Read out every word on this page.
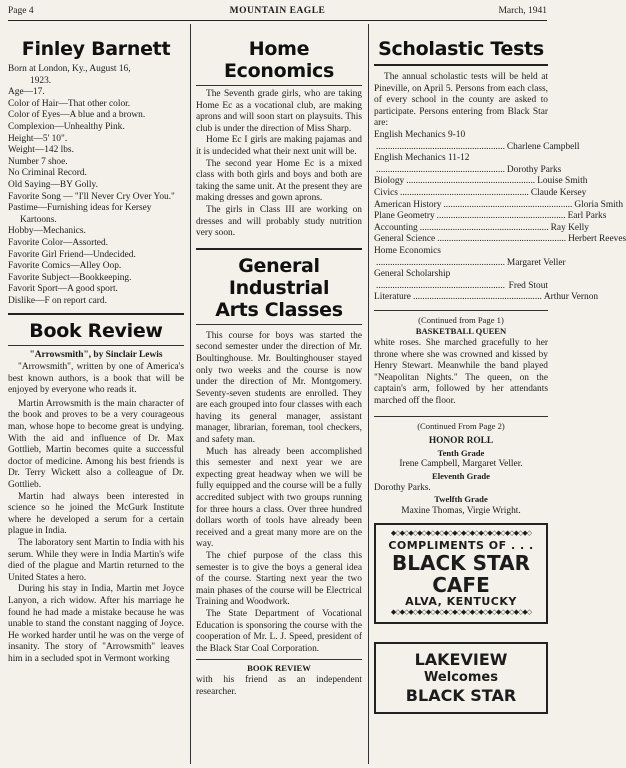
Page 4	MOUNTAIN EAGLE	March, 1941
Finley Barnett
Born at London, Ky., August 16,
1923.
Age—17.
Color of Hair—That other color.
Color of Eyes—A blue and a brown.
Complexion—Unhealthy Pink.
Height—5' 10".
Weight—142 lbs.
Number 7 shoe.
No Criminal Record.
Old Saying—BY Golly.
Favorite Song — "I'll Never Cry Over You."
Pastime—Furnishing ideas for Kersey Kartoons.
Hobby—Mechanics.
Favorite Color—Assorted.
Favorite Girl Friend—Undecided.
Favorite Comics—Alley Oop.
Favorite Subject—Bookkeeping.
Favorit Sport—A good sport.
Dislike—F on report card.
Book Review
"Arrowsmith", by Sinclair Lewis
"Arrowsmith", written by one of America's best known authors, is a book that will be enjoyed by everyone who reads it.
Martin Arrowsmith is the main character of the book and proves to be a very courageous man, whose hope to become great is undying. With the aid and influence of Dr. Max Gottlieb, Martin becomes quite a successful doctor of medicine. Among his best friends is Dr. Terry Wickett also a colleague of Dr. Gottlieb.
Martin had always been interested in science so he joined the McGurk Institute where he developed a serum for a certain plague in India.
The laboratory sent Martin to India with his serum. While they were in India Martin's wife died of the plague and Martin returned to the United States a hero.
During his stay in India, Martin met Joyce Lanyon, a rich widow. After his marriage he found he had made a mistake because he was unable to stand the constant nagging of Joyce. He worked harder until he was on the verge of insanity. The story of "Arrowsmith" leaves him in a secluded spot in Vermont working
Home Economics
The Seventh grade girls, who are taking Home Ec as a vocational club, are making aprons and will soon start on playsuits. This club is under the direction of Miss Sharp.
Home Ec I girls are making pajamas and it is undecided what their next unit will be.
The second year Home Ec is a mixed class with both girls and boys and both are taking the same unit. At the present they are making dresses and gown aprons.
The girls in Class III are working on dresses and will probably study nutrition very soon.
General Industrial
Arts Classes
This course for boys was started the second semester under the direction of Mr. Boultinghouse. Mr. Boultinghouser stayed only two weeks and the course is now under the direction of Mr. Montgomery. Seventy-seven students are enrolled. They are each grouped into four classes with each having its general manager, assistant manager, librarian, foreman, tool checkers, and safety man.
Much has already been accomplished this semester and next year we are expecting great headway when we will be fully equipped and the course will be a fully accredited subject with two groups running for three hours a class. Over three hundred dollars worth of tools have already been received and a great many more are on the way.
The chief purpose of the class this semester is to give the boys a general idea of the course. Starting next year the two main phases of the course will be Electrical Training and Woodwork.
The State Department of Vocational Education is sponsoring the course with the cooperation of Mr. L. J. Speed, president of the Black Star Coal Corporation.
BOOK REVIEW
with his friend as an independent researcher.
Scholastic Tests
The annual scholastic tests will be held at Pineville, on April 5. Persons from each class, of every school in the county are asked to participate. Persons entering from Black Star are:
English Mechanics 9-10
....................................................... Charlene Campbell
English Mechanics 11-12
....................................................... Dorothy Parks
Biology ....................................................... Louise Smith
Civics ....................................................... Claude Kersey
American History ....................................................... Gloria Smith
Plane Geometry ....................................................... Earl Parks
Accounting ....................................................... Ray Kelly
General Science ....................................................... Herbert Reeves
Home Economics
....................................................... Margaret Veller
General Scholarship
....................................................... Fred Stout
Literature ....................................................... Arthur Vernon
(Continued from Page 1)
BASKETBALL QUEEN
white roses. She marched gracefully to her throne where she was crowned and kissed by Henry Stewart. Meanwhile the band played "Neapolitan Nights." The queen, on the captain's arm, followed by her attendants marched off the floor.
(Continued From Page 2)
HONOR ROLL
Tenth Grade
Irene Campbell, Margaret Veller.
Eleventh Grade
Dorothy Parks.
Twelfth Grade
Maxine Thomas, Virgie Wright.
◆◇◆◇◆◇◆◇◆◇◆◇◆◇◆◇◆◇◆◇◆◇◆◇◆◇◆◇◆◇◆◇
COMPLIMENTS OF . . .
BLACK STAR
CAFE
ALVA, KENTUCKY
◆◇◆◇◆◇◆◇◆◇◆◇◆◇◆◇◆◇◆◇◆◇◆◇◆◇◆◇◆◇◆◇
LAKEVIEW
Welcomes
BLACK STAR
